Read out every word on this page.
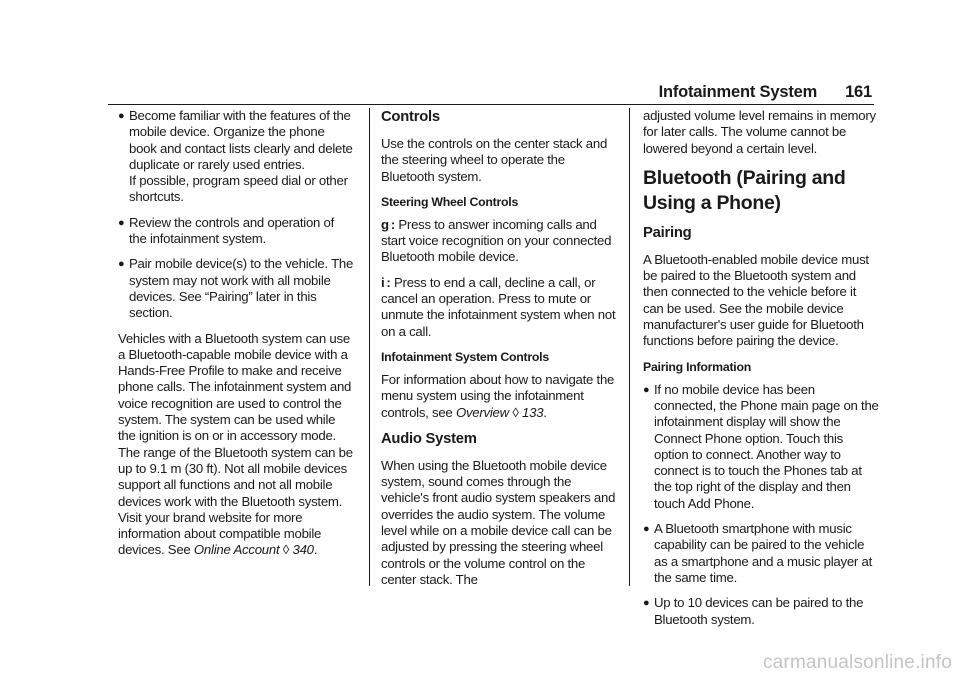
Infotainment System 161
● Become familiar with the features of the mobile device. Organize the phone book and contact lists clearly and delete duplicate or rarely used entries.
If possible, program speed dial or other shortcuts.
● Review the controls and operation of the infotainment system.
● Pair mobile device(s) to the vehicle. The system may not work with all mobile devices. See “Pairing” later in this section.

Vehicles with a Bluetooth system can use a Bluetooth-capable mobile device with a Hands-Free Profile to make and receive phone calls. The infotainment system and voice recognition are used to control the system. The system can be used while the ignition is on or in accessory mode. The range of the Bluetooth system can be up to 9.1 m (30 ft). Not all mobile devices support all functions and not all mobile devices work with the Bluetooth system. Visit your brand website for more information about compatible mobile devices. See Online Account ◊ 340.

Controls

Use the controls on the center stack and the steering wheel to operate the Bluetooth system.

Steering Wheel Controls

g : Press to answer incoming calls and start voice recognition on your connected Bluetooth mobile device.

i : Press to end a call, decline a call, or cancel an operation. Press to mute or unmute the infotainment system when not on a call.

Infotainment System Controls

For information about how to navigate the menu system using the infotainment controls, see Overview ◊ 133.

Audio System

When using the Bluetooth mobile device system, sound comes through the vehicle's front audio system speakers and overrides the audio system. The volume level while on a mobile device call can be adjusted by pressing the steering wheel controls or the volume control on the center stack. The

adjusted volume level remains in memory for later calls. The volume cannot be lowered beyond a certain level.

Bluetooth (Pairing and Using a Phone)
Pairing

A Bluetooth-enabled mobile device must be paired to the Bluetooth system and then connected to the vehicle before it can be used. See the mobile device manufacturer's user guide for Bluetooth functions before pairing the device.

Pairing Information
● If no mobile device has been connected, the Phone main page on the infotainment display will show the Connect Phone option. Touch this option to connect. Another way to connect is to touch the Phones tab at the top right of the display and then touch Add Phone.
● A Bluetooth smartphone with music capability can be paired to the vehicle as a smartphone and a music player at the same time.
● Up to 10 devices can be paired to the Bluetooth system.
carmanualsonline.info
